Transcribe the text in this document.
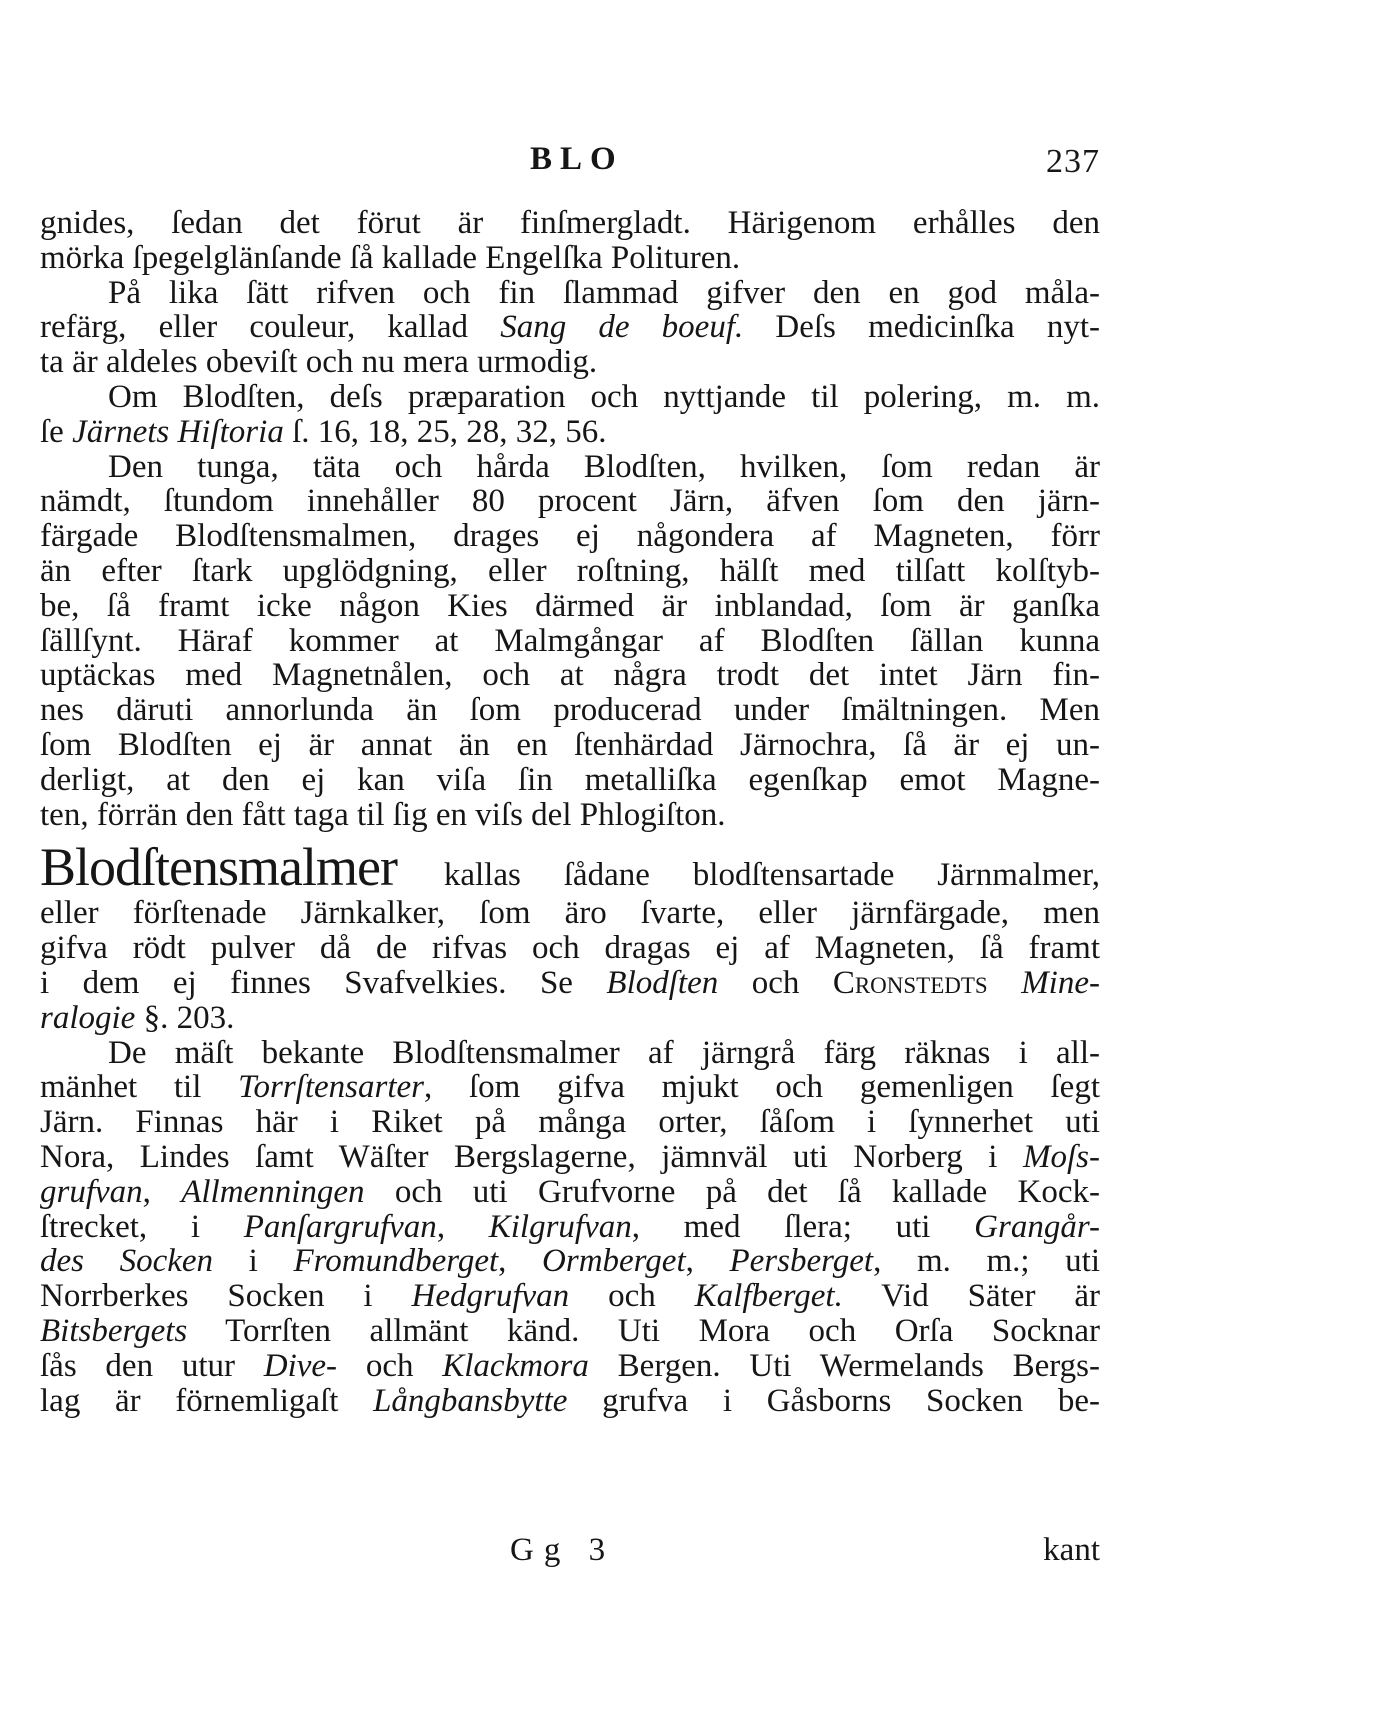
BLO	237
gnides, ſedan det förut är finſmergladt. Härigenom erhålles den
mörka ſpegelglänſande ſå kallade Engelſka Polituren.
På lika ſätt rifven och fin ſlammad gifver den en god måla-
refärg, eller couleur, kallad Sang de boeuf. Deſs medicinſka nyt-
ta är aldeles obeviſt och nu mera urmodig.
Om Blodſten, deſs præparation och nyttjande til polering, m. m.
ſe Järnets Hiſtoria ſ. 16, 18, 25, 28, 32, 56.
Den tunga, täta och hårda Blodſten, hvilken, ſom redan är
nämdt, ſtundom innehåller 80 procent Järn, äfven ſom den järn-
färgade Blodſtensmalmen, drages ej någondera af Magneten, förr
än efter ſtark upglödgning, eller roſtning, hälſt med tilſatt kolſtyb-
be, ſå framt icke någon Kies därmed är inblandad, ſom är ganſka
ſällſynt. Häraf kommer at Malmgångar af Blodſten ſällan kunna
uptäckas med Magnetnålen, och at några trodt det intet Järn fin-
nes däruti annorlunda än ſom producerad under ſmältningen. Men
ſom Blodſten ej är annat än en ſtenhärdad Järnochra, ſå är ej un-
derligt, at den ej kan viſa ſin metalliſka egenſkap emot Magne-
ten, förrän den fått taga til ſig en viſs del Phlogiſton.
Blodſtensmalmer kallas ſådane blodſtensartade Järnmalmer,
eller förſtenade Järnkalker, ſom äro ſvarte, eller järnfärgade, men
gifva rödt pulver då de rifvas och dragas ej af Magneten, ſå framt
i dem ej finnes Svafvelkies. Se Blodſten och Cronstedts Mine-
ralogie §. 203.
De mäſt bekante Blodſtensmalmer af järngrå färg räknas i all-
mänhet til Torrſtensarter, ſom gifva mjukt och gemenligen ſegt
Järn. Finnas här i Riket på många orter, ſåſom i ſynnerhet uti
Nora, Lindes ſamt Wäſter Bergslagerne, jämnväl uti Norberg i Moſs-
grufvan, Allmenningen och uti Grufvorne på det ſå kallade Kock-
ſtrecket, i Panſargrufvan, Kilgrufvan, med ſlera; uti Grangår-
des Socken i Fromundberget, Ormberget, Persberget, m. m.; uti
Norrberkes Socken i Hedgrufvan och Kalfberget. Vid Säter är
Bitsbergets Torrſten allmänt känd. Uti Mora och Orſa Socknar
ſås den utur Dive- och Klackmora Bergen. Uti Wermelands Bergs-
lag är förnemligaſt Långbansbytte grufva i Gåsborns Socken be-
Gg 3	kant
